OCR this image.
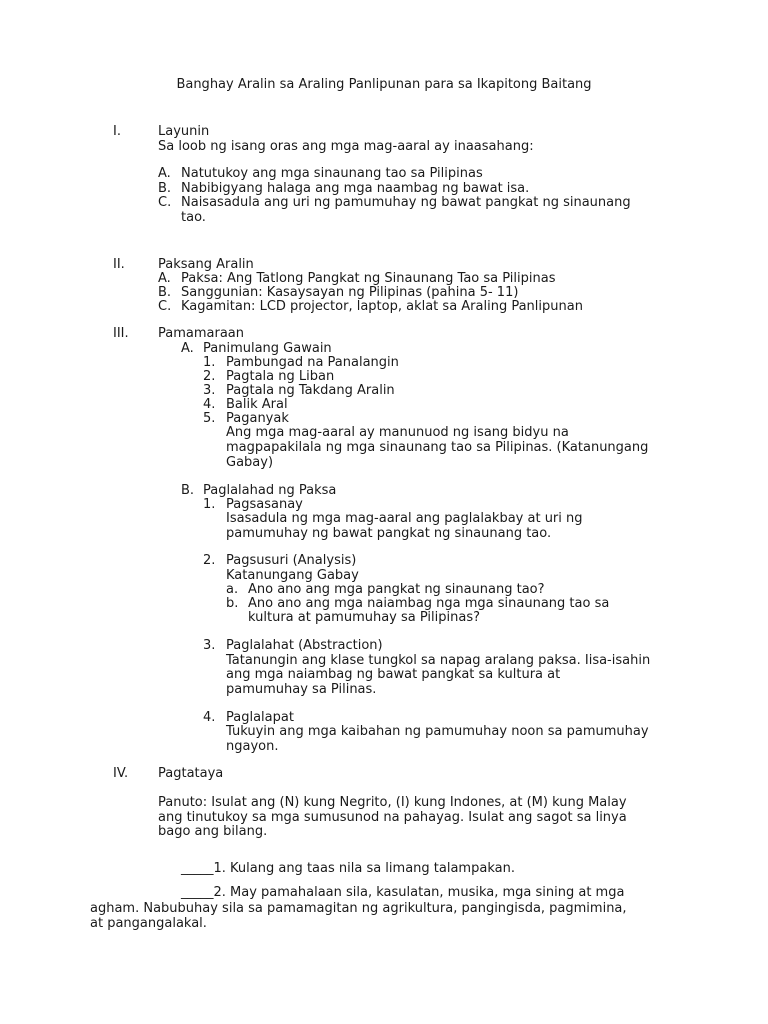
Banghay Aralin sa Araling Panlipunan para sa Ikapitong Baitang
I.	Layunin
Sa loob ng isang oras ang mga mag-aaral ay inaasahang:
A. Natutukoy ang mga sinaunang tao sa Pilipinas
B. Nabibigyang halaga ang mga naambag ng bawat isa.
C. Naisasadula ang uri ng pamumuhay ng bawat pangkat ng sinaunang
tao.
II.	Paksang Aralin
A. Paksa: Ang Tatlong Pangkat ng Sinaunang Tao sa Pilipinas
B. Sanggunian: Kasaysayan ng Pilipinas (pahina 5- 11)
C. Kagamitan: LCD projector, laptop, aklat sa Araling Panlipunan
III.	Pamamaraan
A. Panimulang Gawain
1. Pambungad na Panalangin
2. Pagtala ng Liban
3. Pagtala ng Takdang Aralin
4. Balik Aral
5. Paganyak
Ang mga mag-aaral ay manunuod ng isang bidyu na
magpapakilala ng mga sinaunang tao sa Pilipinas. (Katanungang
Gabay)
B. Paglalahad ng Paksa
1. Pagsasanay
Isasadula ng mga mag-aaral ang paglalakbay at uri ng
pamumuhay ng bawat pangkat ng sinaunang tao.
2. Pagsusuri (Analysis)
Katanungang Gabay
a. Ano ano ang mga pangkat ng sinaunang tao?
b. Ano ano ang mga naiambag nga mga sinaunang tao sa
kultura at pamumuhay sa Pilipinas?
3. Paglalahat (Abstraction)
Tatanungin ang klase tungkol sa napag aralang paksa. Iisa-isahin
ang mga naiambag ng bawat pangkat sa kultura at
pamumuhay sa Pilinas.
4. Paglalapat
Tukuyin ang mga kaibahan ng pamumuhay noon sa pamumuhay
ngayon.
IV.	Pagtataya
Panuto: Isulat ang (N) kung Negrito, (I) kung Indones, at (M) kung Malay
ang tinutukoy sa mga sumusunod na pahayag. Isulat ang sagot sa linya
bago ang bilang.
_____1. Kulang ang taas nila sa limang talampakan.
_____2. May pamahalaan sila, kasulatan, musika, mga sining at mga
agham. Nabubuhay sila sa pamamagitan ng agrikultura, pangingisda, pagmimina,
at pangangalakal.
